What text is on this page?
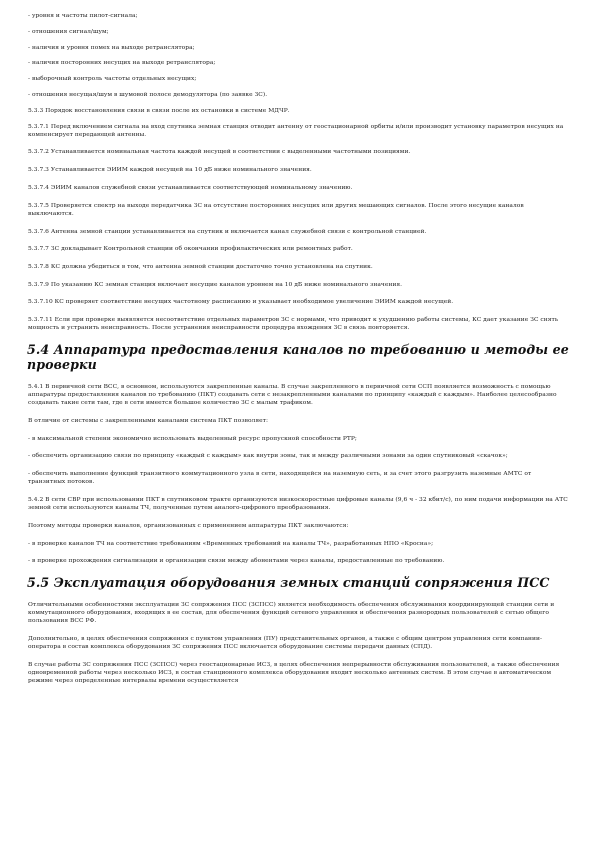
- уровня и частоты пилот-сигнала;

- отношения сигнал/шум;

- наличия и уровня помех на выходе ретранслятора;

- наличия посторонних несущих на выходе ретранслятора;

- выборочный контроль частоты отдельных несущих;

- отношения несущая/шум в шумовой полосе демодулятора (по заявке ЗС).

5.3.3 Порядок восстановления связи в связи после их остановки в системе МДЧР.

5.3.7.1 Перед включением сигнала на вход спутника земная станция отводит антенну от геостационарной орбиты и/или производит установку параметров несущих на компенсирует передающей антенны.

5.3.7.2 Устанавливается номинальная частота каждой несущей в соответствии с выделенными частотными позициями.

5.3.7.3 Устанавливается ЭИИМ каждой несущей на 10 дБ ниже номинального значения.

5.3.7.4 ЭИИМ каналов служебной связи устанавливается соответствующей номинальному значению.

5.3.7.5 Проверяется спектр на выходе передатчика ЗС на отсутствие посторонних несущих или других мешающих сигналов. После этого несущие каналов выключаются.

5.3.7.6 Антенна земной станции устанавливается на спутник и включается канал служебной связи с контрольной станцией.

5.3.7.7 ЗС докладывает Контрольной станции об окончании профилактических или ремонтных работ.

5.3.7.8 КС должна убедиться в том, что антенна земной станции достаточно точно установлена на спутник.

5.3.7.9 По указанию КС земная станция включает несущие каналов уровнем на 10 дБ ниже номинального значения.

5.3.7.10 КС проверяет соответствие несущих частотному расписанию и указывает необходимое увеличение ЭИИМ каждой несущей.

5.3.7.11 Если при проверке выявляется несоответствие отдельных параметров ЗС с нормами, что приводит к ухудшению работы системы, КС дает указание ЗС снять мощность и устранить неисправность. После устранения неисправности процедура вхождения ЗС в связь повторяется.

5.4 Аппаратура предоставления каналов по требованию и методы ее проверки

5.4.1 В первичной сети ВСС, в основном, используются закрепленные каналы. В случае закрепленного в первичной сети ССП появляется возможность с помощью аппаратуры предоставления каналов по требованию (ПКТ) создавать сети с незакрепленными каналами по принципу «каждый с каждым». Наиболее целесообразно создавать такие сети там, где в сети имеется большое количество ЗС с малым трафиком.

В отличие от системы с закрепленными каналами система ПКТ позволяет:

- в максимальной степени экономично использовать выделенный ресурс пропускной способности РТР;

- обеспечить организацию связи по принципу «каждый с каждым» как внутри зоны, так и между различными зонами за один спутниковый «скачок»;

- обеспечить выполнение функций транзитного коммутационного узла в сети, находящейся на наземную сеть, и за счет этого разгрузить наземные АМТС от транзитных потоков.

5.4.2 В сети СВР при использовании ПКТ в спутниковом тракте организуются низкоскоростные цифровые каналы (9,6 ч - 32 кбит/с), по ним подачи информации на АТС земной сети используются каналы ТЧ, полученные путем аналого-цифрового преобразования.

Поэтому методы проверки каналов, организованных с применением аппаратуры ПКТ заключаются:

- в проверке каналов ТЧ на соответствие требованиям «Временных требований на каналы ТЧ», разработанных НПО «Кросна»;

- в проверке прохождения сигнализации и организации связи между абонентами через каналы, предоставленные по требованию.

5.5 Эксплуатация оборудования земных станций сопряжения ПСС

Отличительными особенностями эксплуатации ЗС сопряжения ПСС (ЗСПСС) является необходимость обеспечения обслуживания координирующей станции сети и коммутационного оборудования, входящих в ее состав, для обеспечения функций сетевого управления и обеспечения разнородных пользователей с сетью общего пользования ВСС РФ.

Дополнительно, в целях обеспечения сопряжения с пунктом управления (ПУ) представительных органов, а также с общим центром управления сети компании-оператора в состав комплекса оборудования ЗС сопряжения ПСС включается оборудование системы передачи данных (СПД).

В случае работы ЗС сопряжения ПСС (ЗСПСС) через геостационарные ИСЗ, в целях обеспечения непрерывности обслуживания пользователей, а также обеспечения одновременной работы через несколько ИСЗ, в состав станционного комплекса оборудования входит несколько антенных систем. В этом случае в автоматическом режиме через определенные интервалы времени осуществляется
